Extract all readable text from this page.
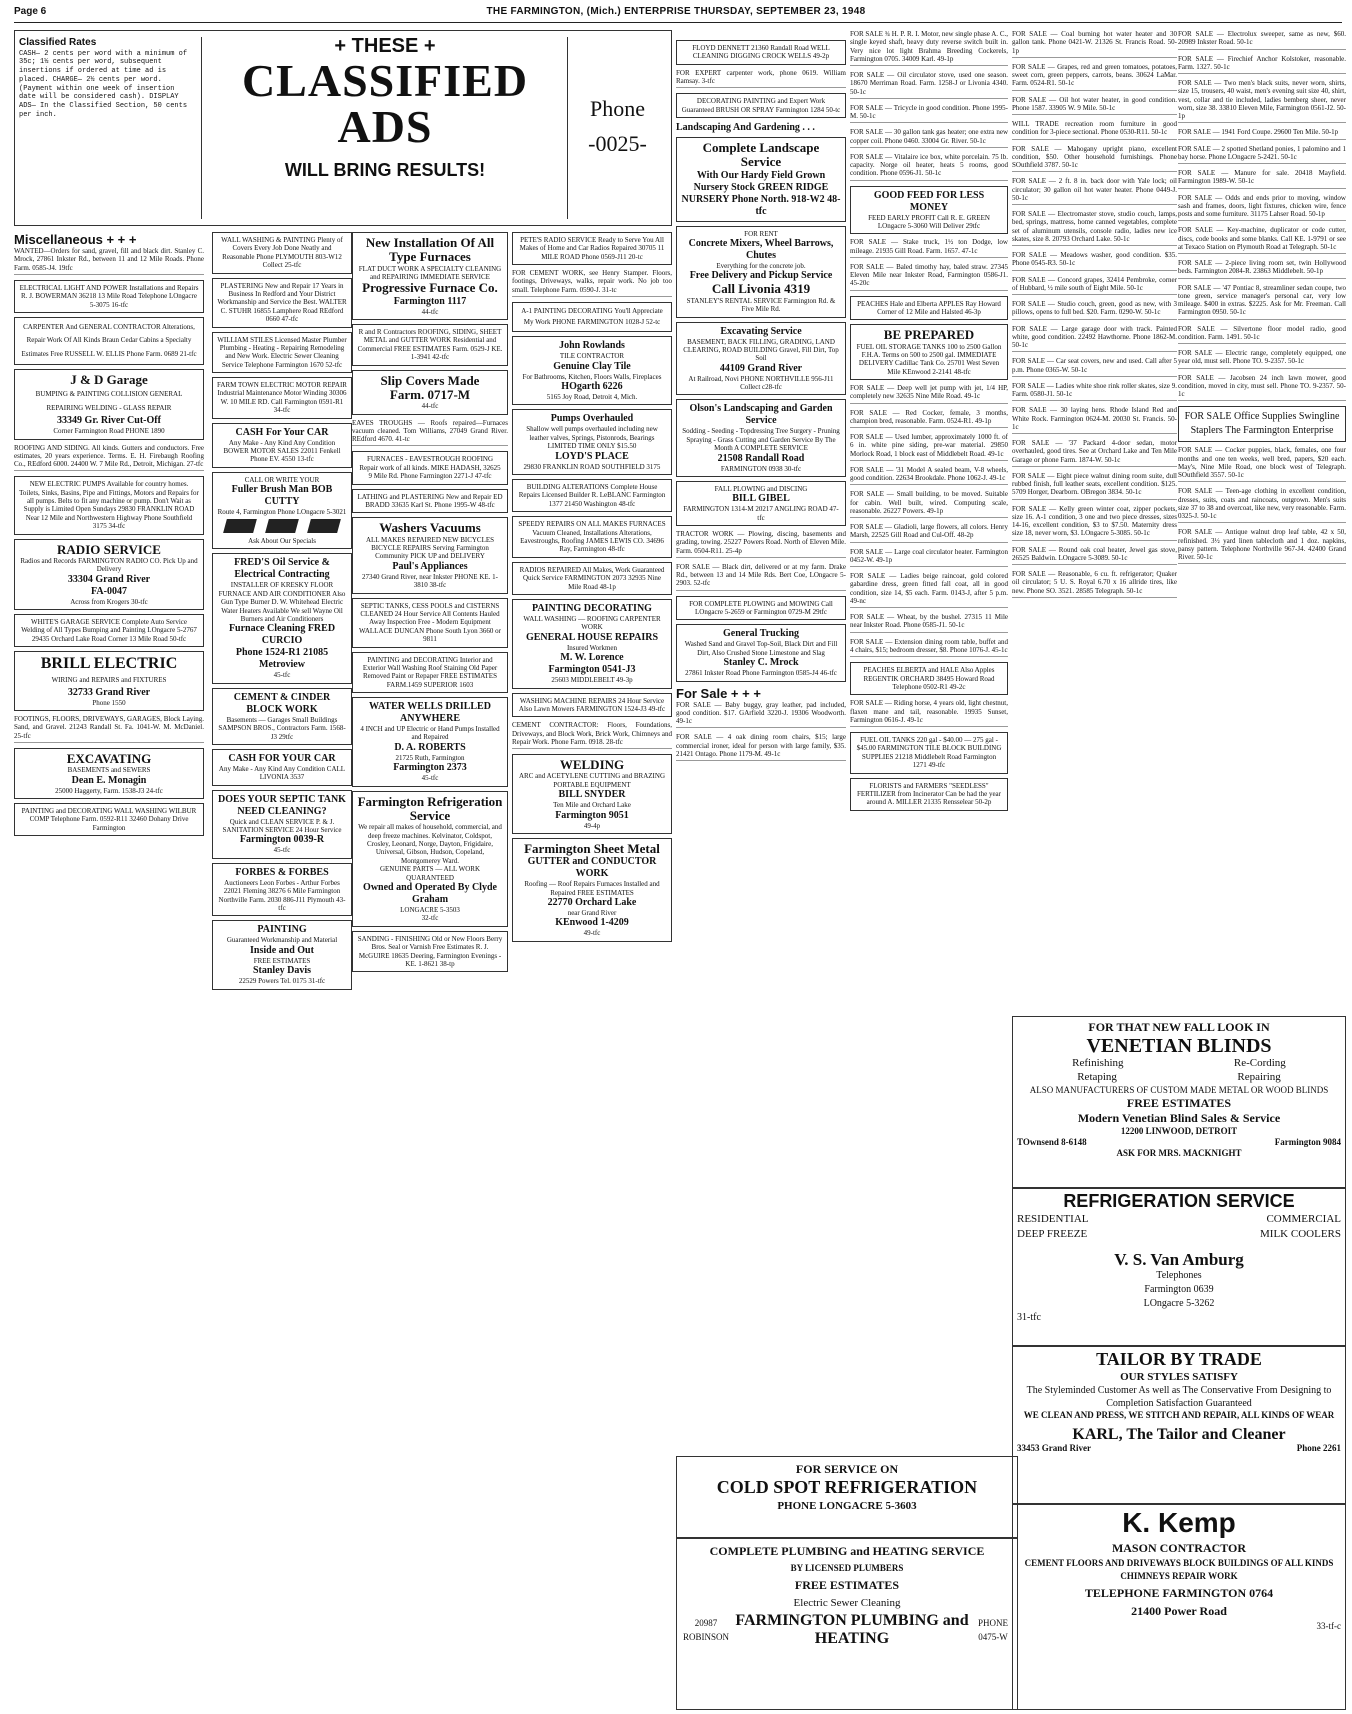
Page 6	THE FARMINGTON, (Mich.) ENTERPRISE THURSDAY, SEPTEMBER 23, 1948
Classified Rates
CASH— 2 cents per word with a minimum of 35c; 1½ cents per word, subsequent insertions if ordered at time ad is placed. CHARGE— 2½ cents per word. (Payment within one week of insertion date will be considered cash). DISPLAY ADS— In the Classified Section, 50 cents per inch.
+ THESE +
CLASSIFIED
ADS
WILL BRING RESULTS!
Phone
-0025-
Miscellaneous + + +
WANTED—Orders for sand, gravel, fill and black dirt. Stanley C. Mrock, 27861 Inkster Rd., between 11 and 12 Mile Roads. Phone Farm. 0585-J4. 19tfc
ELECTRICAL LIGHT AND POWER Installations and Repairs R. J. BOWERMAN 36218 13 Mile Road Telephone LOngacre 5-3075 16-tfc
CARPENTER And GENERAL CONTRACTOR Alterations, Repair Work Of All Kinds Braun Cedar Cabins a Specialty Estimates Free RUSSELL W. ELLIS Phone Farm. 0689 21-tfc
J & D Garage
BUMPING & PAINTING COLLISION GENERAL REPAIRING WELDING - GLASS REPAIR
33349 Gr. River Cut-Off
Corner Farmington Road PHONE 1890
ROOFING AND SIDING. All kinds. Gutters and conductors. Free estimates, 20 years experience. Terms. E. H. Firebaugh Roofing Co., REdford 6000. 24400 W. 7 Mile Rd., Detroit, Michigan. 27-tfc
NEW ELECTRIC PUMPS Available for country homes. Toilets, Sinks, Basins, Pipe and Fittings, Motors and Repairs for all pumps. Belts to fit any machine or pump. Don't Wait as Supply is Limited Open Sundays 29830 FRANKLIN ROAD Near 12 Mile and Northwestern Highway Phone Southfield 3175 34-tfc
RADIO SERVICE
Radios and Records FARMINGTON RADIO CO. Pick Up and Delivery
33304 Grand River
FA-0047
Across from Krogers 30-tfc
WHITE'S GARAGE SERVICE Complete Auto Service Welding of All Types Bumping and Painting LOngacre 5-2767 29435 Orchard Lake Road Corner 13 Mile Road 50-tfc
BRILL ELECTRIC
WIRING and REPAIRS and FIXTURES
32733 Grand River
Phone 1550
FOOTINGS, FLOORS, DRIVEWAYS, GARAGES, Block Laying. Sand, and Gravel. 21243 Randall St. Fa. 1041-W. M. McDaniel. 25-tfc
EXCAVATING
BASEMENTS and SEWERS
Dean E. Monagin
25000 Haggerty, Farm. 1538-J3 24-tfc
PAINTING and DECORATING WALL WASHING WILBUR COMP Telephone Farm. 0592-R11 32460 Dohany Drive Farmington
WALL WASHING & PAINTING Plenty of Covers Every Job Done Neatly and Reasonable Phone PLYMOUTH 803-W12 Collect 25-tfc
PLASTERING New and Repair 17 Years in Business In Redford and Your District Workmanship and Service the Best. WALTER C. STUHR 16855 Lamphere Road REdford 0660 47-tfc
WILLIAM STILES Licensed Master Plumber Plumbing - Heating - Repairing Remodeling and New Work. Electric Sewer Cleaning Service Telephone Farmington 1670 52-tfc
FARM TOWN ELECTRIC MOTOR REPAIR Industrial Maintenance Motor Winding 30306 W. 10 MILE RD. Call Farmington 0591-R1 34-tfc
CASH For Your CAR
Any Make - Any Kind Any Condition BOWER MOTOR SALES 22011 Fenkell Phone EV. 4550 13-tfc
CALL OR WRITE YOUR
Fuller Brush Man BOB CUTTY
Route 4, Farmington Phone LOngacre 5-3021
Ask About Our Specials
FRED'S Oil Service & Electrical Contracting
INSTALLER OF KRESKY FLOOR FURNACE AND AIR CONDITIONER Also Gun Type Burner D. W. Whitehead Electric Water Heaters Available We sell Wayne Oil Burners and Air Conditioners
Furnace Cleaning FRED CURCIO
Phone 1524-R1 21085 Metroview
45-tfc
CEMENT & CINDER BLOCK WORK
Basements — Garages Small Buildings SAMPSON BROS., Contractors Farm. 1568-J3 29tfc
CASH FOR YOUR CAR
Any Make - Any Kind Any Condition CALL LIVONIA 3537
DOES YOUR SEPTIC TANK NEED CLEANING?
Quick and CLEAN SERVICE P. & J. SANITATION SERVICE 24 Hour Service
Farmington 0039-R
45-tfc
FORBES & FORBES
Auctioneers Leon Forbes - Arthur Forbes 22021 Fleming 38276 6 Mile Farmington Northville Farm. 2030 886-J11 Plymouth 43-tfc
PAINTING
Guaranteed Workmanship and Material
Inside and Out
FREE ESTIMATES
Stanley Davis
22529 Powers Tel. 0175 31-tfc
New Installation Of All Type Furnaces
FLAT DUCT WORK A SPECIALTY CLEANING and REPAIRING IMMEDIATE SERVICE
Progressive Furnace Co.
Farmington 1117
44-tfc
R and R Contractors ROOFING, SIDING, SHEET METAL and GUTTER WORK Residential and Commercial FREE ESTIMATES Farm. 0529-J KE. 1-3941 42-tfc
Slip Covers Made
Farm. 0717-M
44-tfc
EAVES TROUGHS — Roofs repaired—Furnaces vacuum cleaned. Tom Williams, 27049 Grand River. REdford 4670. 41-tc
FURNACES - EAVESTROUGH ROOFING Repair work of all kinds. MIKE HADASH, 32625 9 Mile Rd. Phone Farmington 2271-J 47-tfc
LATHING and PLASTERING New and Repair ED BRADD 33635 Karl St. Phone 1995-W 48-tfc
Washers Vacuums
ALL MAKES REPAIRED NEW BICYCLES BICYCLE REPAIRS Serving Farmington Community PICK UP and DELIVERY
Paul's Appliances
27340 Grand River, near Inkster PHONE KE. 1-3810 38-tfc
SEPTIC TANKS, CESS POOLS and CISTERNS CLEANED 24 Hour Service All Contents Hauled Away Inspection Free - Modern Equipment WALLACE DUNCAN Phone South Lyon 3660 or 9811
PAINTING and DECORATING Interior and Exterior Wall Washing Roof Staining Old Paper Removed Paint or Repaper FREE ESTIMATES FARM.1459 SUPERIOR 1603
WATER WELLS DRILLED ANYWHERE
4 INCH and UP Electric or Hand Pumps Installed and Repaired
D. A. ROBERTS
21725 Ruth, Farmington
Farmington 2373
45-tfc
Farmington Refrigeration Service
We repair all makes of household, commercial, and deep freeze machines. Kelvinator, Coldspot, Crosley, Leonard, Norge, Dayton, Frigidaire, Universal, Gibson, Hudson, Copeland, Montgomerey Ward.
GENUINE PARTS — ALL WORK QUARANTEED
Owned and Operated By Clyde Graham
LONGACRE 5-3503
32-tfc
SANDING - FINISHING Old or New Floors Berry Bros. Seal or Varnish Free Estimates R. J. McGUIRE 18635 Deering, Farmington Evenings - KE. 1-8621 38-tp
PETE'S RADIO SERVICE Ready to Serve You All Makes of Home and Car Radios Repaired 30705 11 MILE ROAD Phone 0569-J11 20-tc
FOR CEMENT WORK, see Henry Stamper. Floors, footings, Driveways, walks, repair work. No job too small. Telephone Farm. 0590-J. 31-tc
A-1 PAINTING DECORATING You'll Appreciate My Work PHONE FARMINGTON 1028-J 52-tc
John Rowlands
TILE CONTRACTOR
Genuine Clay Tile
For Bathrooms, Kitchen, Floors Walls, Fireplaces
HOgarth 6226
5165 Joy Road, Detroit 4, Mich.
Pumps Overhauled
Shallow well pumps overhauled including new leather valves, Springs, Pistonrods, Bearings LIMITED TIME ONLY $15.50
LOYD'S PLACE
29830 FRANKLIN ROAD SOUTHFIELD 3175
BUILDING ALTERATIONS Complete House Repairs Licensed Builder R. LeBLANC Farmington 1377 21450 Washington 48-tfc
SPEEDY REPAIRS ON ALL MAKES FURNACES Vacuum Cleaned, Installations Alterations, Eavestroughs, Roofing JAMES LEWIS CO. 34696 Ray, Farmington 48-tfc
RADIOS REPAIRED All Makes, Work Guaranteed Quick Service FARMINGTON 2073 32935 Nine Mile Road 48-1p
PAINTING DECORATING
WALL WASHING — ROOFING CARPENTER WORK
GENERAL HOUSE REPAIRS
Insured Workmen
M. W. Lorence
Farmington 0541-J3
25603 MIDDLEBELT 49-3p
WASHING MACHINE REPAIRS 24 Hour Service Also Lawn Mowers FARMINGTON 1524-J3 49-tfc
CEMENT CONTRACTOR: Floors, Foundations, Driveways, and Block Work, Brick Work, Chimneys and Repair Work. Phone Farm. 0918. 28-tfc
WELDING
ARC and ACETYLENE CUTTING and BRAZING PORTABLE EQUIPMENT
BILL SNYDER
Ten Mile and Orchard Lake
Farmington 9051
49-4p
Farmington Sheet Metal
GUTTER and CONDUCTOR WORK
Roofing — Roof Repairs Furnaces Installed and Repaired FREE ESTIMATES
22770 Orchard Lake
near Grand River
KEnwood 1-4209
49-tfc
FLOYD DENNETT 21360 Randall Road WELL CLEANING DIGGING CROCK WELLS 49-2p
FOR EXPERT carpenter work, phone 0619. William Ramsay. 3-tfc
DECORATING PAINTING and Expert Work Guaranteed BRUSH OR SPRAY Farmington 1284 50-tc
Landscaping And Gardening . . .
Complete Landscape Service
With Our Hardy Field Grown Nursery Stock GREEN RIDGE NURSERY Phone North. 918-W2 48-tfc
FOR RENT
Concrete Mixers, Wheel Barrows, Chutes
Everything for the concrete job.
Free Delivery and Pickup Service
Call Livonia 4319
STANLEY'S RENTAL SERVICE Farmington Rd. & Five Mile Rd.
Excavating Service
BASEMENT, BACK FILLING, GRADING, LAND CLEARING, ROAD BUILDING Gravel, Fill Dirt, Top Soil
44109 Grand River
At Railroad, Novi PHONE NORTHVILLE 956-J11 Collect c28-tfc
Olson's Landscaping and Garden Service
Sodding - Seeding - Topdressing Tree Surgery - Pruning Spraying - Grass Cutting and Garden Service By The Month A COMPLETE SERVICE
21508 Randall Road
FARMINGTON 0938 30-tfc
FALL PLOWING and DISCING
BILL GIBEL
FARMINGTON 1314-M 20217 ANGLING ROAD 47-tfc
TRACTOR WORK — Plowing, discing, basements and grading, towing. 25227 Powers Road. North of Eleven Mile. Farm. 0504-R11. 25-4p
FOR SALE — Black dirt, delivered or at my farm. Drake Rd., between 13 and 14 Mile Rds. Bert Coe, LOngacre 5-2903. 52-tfc
FOR COMPLETE PLOWING and MOWING Call LOngacre 5-2659 or Farmington 0729-M 29tfc
General Trucking
Washed Sand and Gravel Top-Soil, Black Dirt and Fill Dirt, Also Crushed Stone Limestone and Slag
Stanley C. Mrock
27861 Inkster Road Phone Farmington 0585-J4 46-tfc
For Sale + + +
FOR SALE — Baby buggy, gray leather, pad included, good condition. $17. GArfield 3220-J. 19306 Woodworth. 49-1c
FOR SALE — 4 oak dining room chairs, $15; large commercial ironer, ideal for person with large family, $35. 21421 Ontago. Phone 1179-M. 49-1c
FOR SALE ¾ H. P. R. I. Motor, new single phase A. C., single keyed shaft, heavy duty reverse switch built in. Very nice lot light Brahma Breeding Cockerels, Farmington 0705. 34009 Karl. 49-1p
FOR SALE — Oil circulator stove, used one season. 18670 Merriman Road. Farm. 1258-J or Livonia 4340. 50-1c
FOR SALE — Tricycle in good condition. Phone 1995-M. 50-1c
FOR SALE — 30 gallon tank gas heater; one extra new copper coil. Phone 0460. 33004 Gr. River. 50-1c
FOR SALE — Vitalaire ice box, white porcelain. 75 lb. capacity. Norge oil heater, heats 5 rooms, good condition. Phone 0596-J1. 50-1c
GOOD FEED FOR LESS MONEY
FEED EARLY PROFIT Call R. E. GREEN LOngacre 5-3060 Will Deliver 29tfc
FOR SALE — Stake truck, 1½ ton Dodge, low mileage. 21935 Gill Road. Farm. 1657. 47-1c
FOR SALE — Baled timothy hay, baled straw. 27345 Eleven Mile near Inkster Road, Farmington 0586-J1. 45-20c
PEACHES Hale and Elberta APPLES Ray Howard Corner of 12 Mile and Halsted 46-3p
BE PREPARED
FUEL OIL STORAGE TANKS 100 to 2500 Gallon F.H.A. Terms on 500 to 2500 gal. IMMEDIATE DELIVERY Cadillac Tank Co. 25701 West Seven Mile KEnwood 2-2141 48-tfc
FOR SALE — Deep well jet pump with jet, 1/4 HP, completely new 32635 Nine Mile Road. 49-1c
FOR SALE — Red Cocker, female, 3 months, champion bred, reasonable. Farm. 0524-R1. 49-1p
FOR SALE — Used lumber, approximately 1000 ft. of 6 in. white pine siding, pre-war material. 29850 Morlock Road, 1 block east of Middlebelt Road. 49-1c
FOR SALE — '31 Model A sealed beam, V-8 wheels, good condition. 22634 Brookdale. Phone 1062-J. 49-1c
FOR SALE — Small building, to be moved. Suitable for cabin. Well built, wired. Computing scale, reasonable. 26227 Powers. 49-1p
FOR SALE — Gladioli, large flowers, all colors. Henry Marsh, 22525 Gill Road and Cul-Off. 48-2p
FOR SALE — Large coal circulator heater. Farmington 0452-W. 49-1p
FOR SALE — Ladies beige raincoat, gold colored gabardine dress, green fitted fall coat, all in good condition, size 14, $5 each. Farm. 0143-J, after 5 p.m. 49-nc
FOR SALE — Wheat, by the bushel. 27315 11 Mile near Inkster Road. Phone 0585-J1. 50-1c
FOR SALE — Extension dining room table, buffet and 4 chairs, $15; bedroom dresser, $8. Phone 1076-J. 45-1c
PEACHES ELBERTA and HALE Also Apples REGENTIK ORCHARD 38495 Howard Road Telephone 0502-R1 49-2c
FOR SALE — Riding horse, 4 years old, light chestnut, flaxen mane and tail, reasonable. 19935 Sunset, Farmington 0616-J. 49-1c
FUEL OIL TANKS 220 gal - $40.00 — 275 gal - $45.00 FARMINGTON TILE BLOCK BUILDING SUPPLIES 21218 Middlebelt Road Farmington 1271 49-tfc
FLORISTS and FARMERS "SEEDLESS" FERTILIZER from Incinerator Can be had the year around A. MILLER 21335 Rensselear 50-2p
FOR SALE — Coal burning hot water heater and 30 gallon tank. Phone 0421-W. 21326 St. Francis Road. 50-1p
FOR SALE — Grapes, red and green tomatoes, potatoes, sweet corn, green peppers, carrots, beans. 30624 LaMar. Farm. 0524-R1. 50-1c
FOR SALE — Oil hot water heater, in good condition. Phone 1587. 33905 W. 9 Mile. 50-1c
WILL TRADE recreation room furniture in good condition for 3-piece sectional. Phone 0530-R11. 50-1c
FOR SALE — Mahogany upright piano, excellent condition, $50. Other household furnishings. Phone SOuthfield 3787. 50-1c
FOR SALE — 2 ft. 8 in. back door with Yale lock; oil circulator; 30 gallon oil hot water heater. Phone 0449-J. 50-1c
FOR SALE — Electromaster stove, studio couch, lamps, bed, springs, mattress, home canned vegetables, complete set of aluminum utensils, console radio, ladies new ice skates, size 8. 20793 Orchard Lake. 50-1c
FOR SALE — Meadows washer, good condition. $35. Phone 0545-R3. 50-1c
FOR SALE — Concord grapes, 32414 Pembroke, corner of Hubbard, ½ mile south of Eight Mile. 50-1c
FOR SALE — Studio couch, green, good as new, with 3 pillows, opens to full bed. $20. Farm. 0290-W. 50-1c
FOR SALE — Large garage door with track. Painted white, good condition. 22492 Hawthorne. Phone 1862-M. 50-1c
FOR SALE — Car seat covers, new and used. Call after 5 p.m. Phone 0365-W. 50-1c
FOR SALE — Ladies white shoe rink roller skates, size 9. Farm. 0580-J1. 50-1c
FOR SALE — 30 laying hens. Rhode Island Red and White Rock. Farmington 0624-M. 20030 St. Francis. 50-1c
FOR SALE — '37 Packard 4-door sedan, motor overhauled, good tires. See at Orchard Lake and Ten Mile Garage or phone Farm. 1874-W. 50-1c
FOR SALE — Eight piece walnut dining room suite, dull rubbed finish, full leather seats, excellent condition. $125. 5709 Horger, Dearborn. OBregon 3834. 50-1c
FOR SALE — Kelly green winter coat, zipper pockets, size 16. A-1 condition, 3 one and two piece dresses, sizes 14-16, excellent condition, $3 to $7.50. Maternity dress size 18, never worn, $3. LOngacre 5-3085. 50-1c
FOR SALE — Round oak coal heater, Jewel gas stove, 26525 Baldwin. LOngacre 5-3089. 50-1c
FOR SALE — Reasonable, 6 cu. ft. refrigerator; Quaker oil circulator; 5 U. S. Royal 6.70 x 16 allride tires, like new. Phone SO. 3521. 28585 Telegraph. 50-1c
FOR SALE — Electrolux sweeper, same as new, $60. 20989 Inkster Road. 50-1c
FOR SALE — Firechief Anchor Kolstoker, reasonable. Farm. 1327. 50-1c
FOR SALE — Two men's black suits, never worn, shirts, size 15, trousers, 40 waist, men's evening suit size 40, shirt, vest, collar and tie included, ladies bemberg sheer, never worn, size 38. 33810 Eleven Mile, Farmington 0561-J2. 50-1p
FOR SALE — 1941 Ford Coupe. 29600 Ten Mile. 50-1p
FOR SALE — 2 spotted Shetland ponies, 1 palomino and 1 bay horse. Phone LOngacre 5-2421. 50-1c
FOR SALE — Manure for sale. 20418 Mayfield. Farmington 1989-W. 50-1c
FOR SALE — Odds and ends prior to moving, window sash and frames, doors, light fixtures, chicken wire, fence posts and some furniture. 31175 Lahser Road. 50-1p
FOR SALE — Key-machine, duplicator or code cutter, discs, code books and some blanks. Call KE. 1-9791 or see at Texaco Station on Plymouth Road at Telegraph. 50-1c
FOR SALE — 2-piece living room set, twin Hollywood beds. Farmington 2084-R. 23863 Middlebelt. 50-1p
FOR SALE — '47 Pontiac 8, streamliner sedan coupe, two tone green, service manager's personal car, very low mileage. $400 in extras. $2225. Ask for Mr. Freeman. Call Farmington 0950. 50-1c
FOR SALE — Silvertone floor model radio, good condition. Farm. 1491. 50-1c
FOR SALE — Electric range, completely equipped, one year old, must sell. Phone TO. 9-2357. 50-1c
FOR SALE — Jacobsen 24 inch lawn mower, good condition, moved in city, must sell. Phone TO. 9-2357. 50-1c
FOR SALE Office Supplies Swingline Staplers The Farmington Enterprise
FOR SALE — Cocker puppies, black, females, one four months and one ten weeks, well bred, papers, $20 each. May's, Nine Mile Road, one block west of Telegraph. SOuthfield 3557. 50-1c
FOR SALE — Teen-age clothing in excellent condition, dresses, suits, coats and raincoats, outgrown. Men's suits size 37 to 38 and overcoat, like new, very reasonable. Farm. 0325-J. 50-1c
FOR SALE — Antique walnut drop leaf table, 42 x 50, refinished. 3½ yard linen tablecloth and 1 doz. napkins, pansy pattern. Telephone Northville 967-J4. 42400 Grand River. 50-1c
FOR THAT NEW FALL LOOK IN
VENETIAN BLINDS
Refinishing	Re-Cording
Retaping	Repairing
ALSO MANUFACTURERS OF CUSTOM MADE METAL OR WOOD BLINDS
FREE ESTIMATES
Modern Venetian Blind Sales & Service
12200 LINWOOD, DETROIT
TOwnsend 8-6148	Farmington 9084
ASK FOR MRS. MACKNIGHT
REFRIGERATION SERVICE
RESIDENTIAL	COMMERCIAL
DEEP FREEZE	MILK COOLERS
V. S. Van Amburg
Telephones
Farmington 0639
LOngacre 5-3262
31-tfc
TAILOR BY TRADE
OUR STYLES SATISFY
The Styleminded Customer As well as The Conservative From Designing to Completion Satisfaction Guaranteed
WE CLEAN AND PRESS, WE STITCH AND REPAIR, ALL KINDS OF WEAR
KARL, The Tailor and Cleaner
33453 Grand River	Phone 2261
K. Kemp
MASON CONTRACTOR
CEMENT FLOORS AND DRIVEWAYS BLOCK BUILDINGS OF ALL KINDS CHIMNEYS REPAIR WORK
TELEPHONE FARMINGTON 0764
21400 Power Road
33-tf-c
FOR SERVICE ON
COLD SPOT REFRIGERATION
PHONE LONGACRE 5-3603
COMPLETE PLUMBING and HEATING SERVICE
BY LICENSED PLUMBERS
FREE ESTIMATES
Electric Sewer Cleaning
20987 ROBINSON
FARMINGTON PLUMBING and HEATING
PHONE 0475-W
